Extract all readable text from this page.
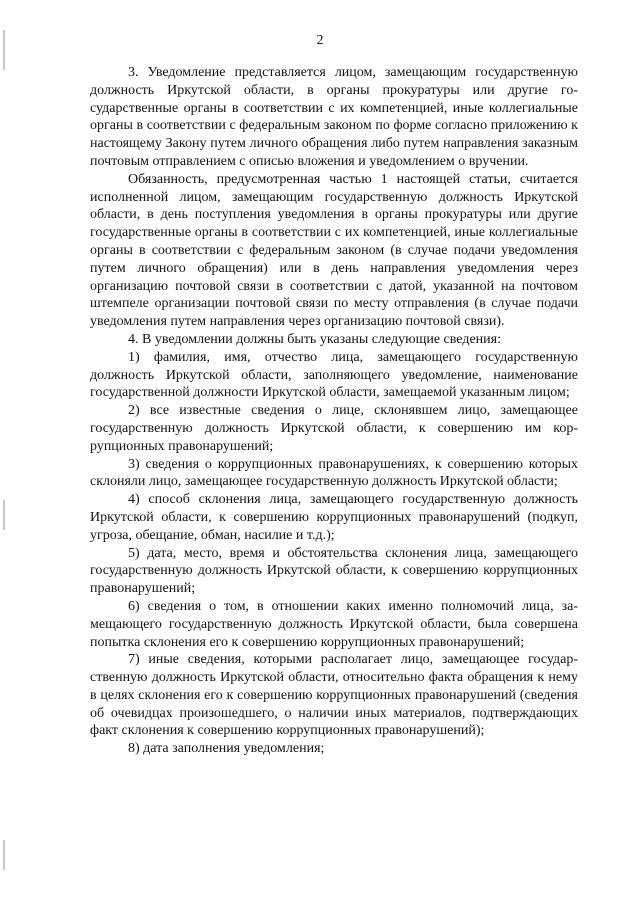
2

3. Уведомление представляется лицом, замещающим государственную должность Иркутской области, в органы прокуратуры или другие государственные органы в соответствии с их компетенцией, иные коллегиальные органы в соответствии с федеральным законом по форме согласно приложению к настоящему Закону путем личного обращения либо путем направления заказным почтовым отправлением с описью вложения и уведомлением о вручении.

Обязанность, предусмотренная частью 1 настоящей статьи, считается исполненной лицом, замещающим государственную должность Иркутской области, в день поступления уведомления в органы прокуратуры или другие государственные органы в соответствии с их компетенцией, иные коллегиальные органы в соответствии с федеральным законом (в случае подачи уведомления путем личного обращения) или в день направления уведомления через организацию почтовой связи в соответствии с датой, указанной на почтовом штемпеле организации почтовой связи по месту отправления (в случае подачи уведомления путем направления через организацию почтовой связи).

4. В уведомлении должны быть указаны следующие сведения:

1) фамилия, имя, отчество лица, замещающего государственную должность Иркутской области, заполняющего уведомление, наименование государственной должности Иркутской области, замещаемой указанным лицом;

2) все известные сведения о лице, склонявшем лицо, замещающее государственную должность Иркутской области, к совершению им коррупционных правонарушений;

3) сведения о коррупционных правонарушениях, к совершению которых склоняли лицо, замещающее государственную должность Иркутской области;

4) способ склонения лица, замещающего государственную должность Иркутской области, к совершению коррупционных правонарушений (подкуп, угроза, обещание, обман, насилие и т.д.);

5) дата, место, время и обстоятельства склонения лица, замещающего государственную должность Иркутской области, к совершению коррупционных правонарушений;

6) сведения о том, в отношении каких именно полномочий лица, замещающего государственную должность Иркутской области, была совершена попытка склонения его к совершению коррупционных правонарушений;

7) иные сведения, которыми располагает лицо, замещающее государственную должность Иркутской области, относительно факта обращения к нему в целях склонения его к совершению коррупционных правонарушений (сведения об очевидцах произошедшего, о наличии иных материалов, подтверждающих факт склонения к совершению коррупционных правонарушений);

8) дата заполнения уведомления;
